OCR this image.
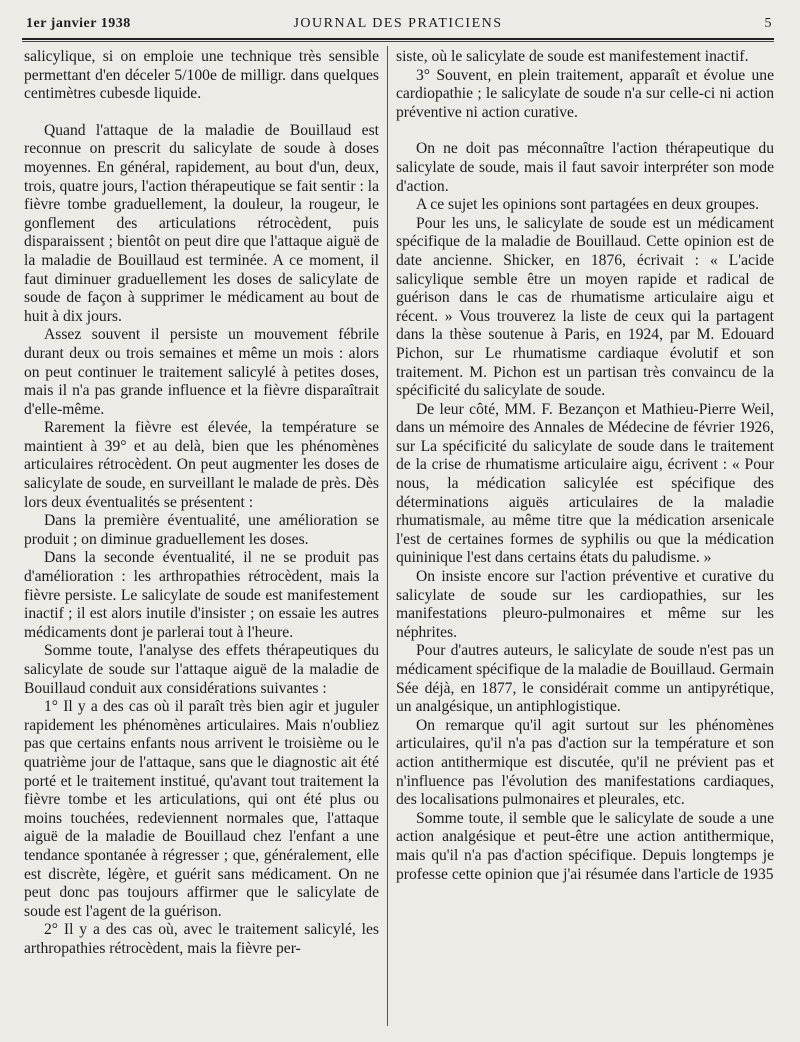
1er janvier 1938	JOURNAL DES PRATICIENS	5

salicylique, si on emploie une technique très sensible permettant d'en déceler 5/100e de milligr. dans quelques centimètres cubesde liquide.

Quand l'attaque de la maladie de Bouillaud est reconnue on prescrit du salicylate de soude à doses moyennes. En général, rapidement, au bout d'un, deux, trois, quatre jours, l'action thérapeutique se fait sentir : la fièvre tombe graduellement, la douleur, la rougeur, le gonflement des articulations rétrocèdent, puis disparaissent ; bientôt on peut dire que l'attaque aiguë de la maladie de Bouillaud est terminée. A ce moment, il faut diminuer graduellement les doses de salicylate de soude de façon à supprimer le médicament au bout de huit à dix jours.

Assez souvent il persiste un mouvement fébrile durant deux ou trois semaines et même un mois : alors on peut continuer le traitement salicylé à petites doses, mais il n'a pas grande influence et la fièvre disparaîtrait d'elle-même.

Rarement la fièvre est élevée, la température se maintient à 39° et au delà, bien que les phénomènes articulaires rétrocèdent. On peut augmenter les doses de salicylate de soude, en surveillant le malade de près. Dès lors deux éventualités se présentent :

Dans la première éventualité, une amélioration se produit ; on diminue graduellement les doses.

Dans la seconde éventualité, il ne se produit pas d'amélioration : les arthropathies rétrocèdent, mais la fièvre persiste. Le salicylate de soude est manifestement inactif ; il est alors inutile d'insister ; on essaie les autres médicaments dont je parlerai tout à l'heure.

Somme toute, l'analyse des effets thérapeutiques du salicylate de soude sur l'attaque aiguë de la maladie de Bouillaud conduit aux considérations suivantes :

1° Il y a des cas où il paraît très bien agir et juguler rapidement les phénomènes articulaires. Mais n'oubliez pas que certains enfants nous arrivent le troisième ou le quatrième jour de l'attaque, sans que le diagnostic ait été porté et le traitement institué, qu'avant tout traitement la fièvre tombe et les articulations, qui ont été plus ou moins touchées, redeviennent normales que, l'attaque aiguë de la maladie de Bouillaud chez l'enfant a une tendance spontanée à régresser ; que, généralement, elle est discrète, légère, et guérit sans médicament. On ne peut donc pas toujours affirmer que le salicylate de soude est l'agent de la guérison.

2° Il y a des cas où, avec le traitement salicylé, les arthropathies rétrocèdent, mais la fièvre per-

siste, où le salicylate de soude est manifestement inactif.

3° Souvent, en plein traitement, apparaît et évolue une cardiopathie ; le salicylate de soude n'a sur celle-ci ni action préventive ni action curative.

On ne doit pas méconnaître l'action thérapeutique du salicylate de soude, mais il faut savoir interpréter son mode d'action.

A ce sujet les opinions sont partagées en deux groupes.

Pour les uns, le salicylate de soude est un médicament spécifique de la maladie de Bouillaud. Cette opinion est de date ancienne. Shicker, en 1876, écrivait : « L'acide salicylique semble être un moyen rapide et radical de guérison dans le cas de rhumatisme articulaire aigu et récent. » Vous trouverez la liste de ceux qui la partagent dans la thèse soutenue à Paris, en 1924, par M. Edouard Pichon, sur Le rhumatisme cardiaque évolutif et son traitement. M. Pichon est un partisan très convaincu de la spécificité du salicylate de soude.

De leur côté, MM. F. Bezançon et Mathieu-Pierre Weil, dans un mémoire des Annales de Médecine de février 1926, sur La spécificité du salicylate de soude dans le traitement de la crise de rhumatisme articulaire aigu, écrivent : « Pour nous, la médication salicylée est spécifique des déterminations aiguës articulaires de la maladie rhumatismale, au même titre que la médication arsenicale l'est de certaines formes de syphilis ou que la médication quininique l'est dans certains états du paludisme. »

On insiste encore sur l'action préventive et curative du salicylate de soude sur les cardiopathies, sur les manifestations pleuro-pulmonaires et même sur les néphrites.

Pour d'autres auteurs, le salicylate de soude n'est pas un médicament spécifique de la maladie de Bouillaud. Germain Sée déjà, en 1877, le considérait comme un antipyrétique, un analgésique, un antiphlogistique.

On remarque qu'il agit surtout sur les phénomènes articulaires, qu'il n'a pas d'action sur la température et son action antithermique est discutée, qu'il ne prévient pas et n'influence pas l'évolution des manifestations cardiaques, des localisations pulmonaires et pleurales, etc.

Somme toute, il semble que le salicylate de soude a une action analgésique et peut-être une action antithermique, mais qu'il n'a pas d'action spécifique. Depuis longtemps je professe cette opinion que j'ai résumée dans l'article de 1935
